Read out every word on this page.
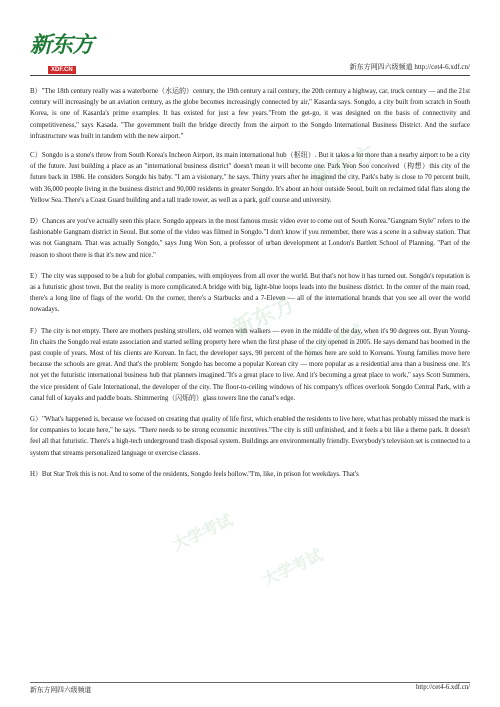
新东方
XDF.CN	新东方网四六级频道 http://cet4-6.xdf.cn/

B）"The 18th century really was a waterborne（水运的）century, the 19th century a rail century, the 20th century a highway, car, truck century — and the 21st century will increasingly be an aviation century, as the globe becomes increasingly connected by air," Kasarda says. Songdo, a city built from scratch in South Korea, is one of Kasarda's prime examples. It has existed for just a few years."From the get-go, it was designed on the basis of connectivity and competitiveness," says Kasada. "The government built the bridge directly from the airport to the Songdo International Business District. And the surface infrastructure was built in tandem with the new airport."

C）Songdo is a stone's throw from South Korea's Incheon Airport, its main international hub（枢纽）. But it takes a lot more than a nearby airport to be a city of the future. Just building a place as an "international business district" doesn't mean it will become one. Park Yeon Soo conceived（构想）this city of the future back in 1986. He considers Songdo his baby. "I am a visionary," he says. Thirty years after he imagined the city, Park's baby is close to 70 percent built, with 36,000 people living in the business district and 90,000 residents in greater Songdo. It's about an hour outside Seoul, built on reclaimed tidal flats along the Yellow Sea. There's a Coast Guard building and a tall trade tower, as well as a park, golf course and university.

D）Chances are you've actually seen this place. Songdo appears in the most famous music video ever to come out of South Korea."Gangnam Style" refers to the fashionable Gangnam district in Seoul. But some of the video was filmed in Songdo."I don't know if you remember, there was a scene in a subway station. That was not Gangnam. That was actually Songdo," says Jung Won Son, a professor of urban development at London's Bartlett School of Planning. "Part of the reason to shoot there is that it's new and nice."

E）The city was supposed to be a hub for global companies, with employees from all over the world. But that's not how it has turned out. Songdo's reputation is as a futuristic ghost town. But the reality is more complicated.A bridge with big, light-blue loops leads into the business district. In the center of the main road, there's a long line of flags of the world. On the corner, there's a Starbucks and a 7-Eleven — all of the international brands that you see all over the world nowadays.

F）The city is not empty. There are mothers pushing strollers, old women with walkers — even in the middle of the day, when it's 90 degrees out. Byun Young-Jin chairs the Songdo real estate association and started selling property here when the first phase of the city opened in 2005. He says demand has boomed in the past couple of years. Most of his clients are Korean. In fact, the developer says, 90 percent of the homes here are sold to Koreans. Young families move here because the schools are great. And that's the problem: Songdo has become a popular Korean city — more popular as a residential area than a business one. It's not yet the futuristic international business hub that planners imagined."It's a great place to live. And it's becoming a great place to work," says Scott Summers, the vice president of Gale International, the developer of the city. The floor-to-ceiling windows of his company's offices overlook Songdo Central Park, with a canal full of kayaks and paddle boats. Shimmering（闪烁的）glass towers line the canal’s edge.

G）"What's happened is, because we focused on creating that quality of life first, which enabled the residents to live here, what has probably missed the mark is for companies to locate here," he says. "There needs to be strong economic incentives."The city is still unfinished, and it feels a bit like a theme park. It doesn't feel all that futuristic. There's a high-tech underground trash disposal system. Buildings are environmentally friendly. Everybody's television set is connected to a system that streams personalized language or exercise classes.

H）But Star Trek this is not. And to some of the residents, Songdo feels hollow."I'm, like, in prison for weekdays. That's

新东方
新东方 大学考试
大学考试
大学考试
新东方网四六级频道	http://cet4-6.xdf.cn/
